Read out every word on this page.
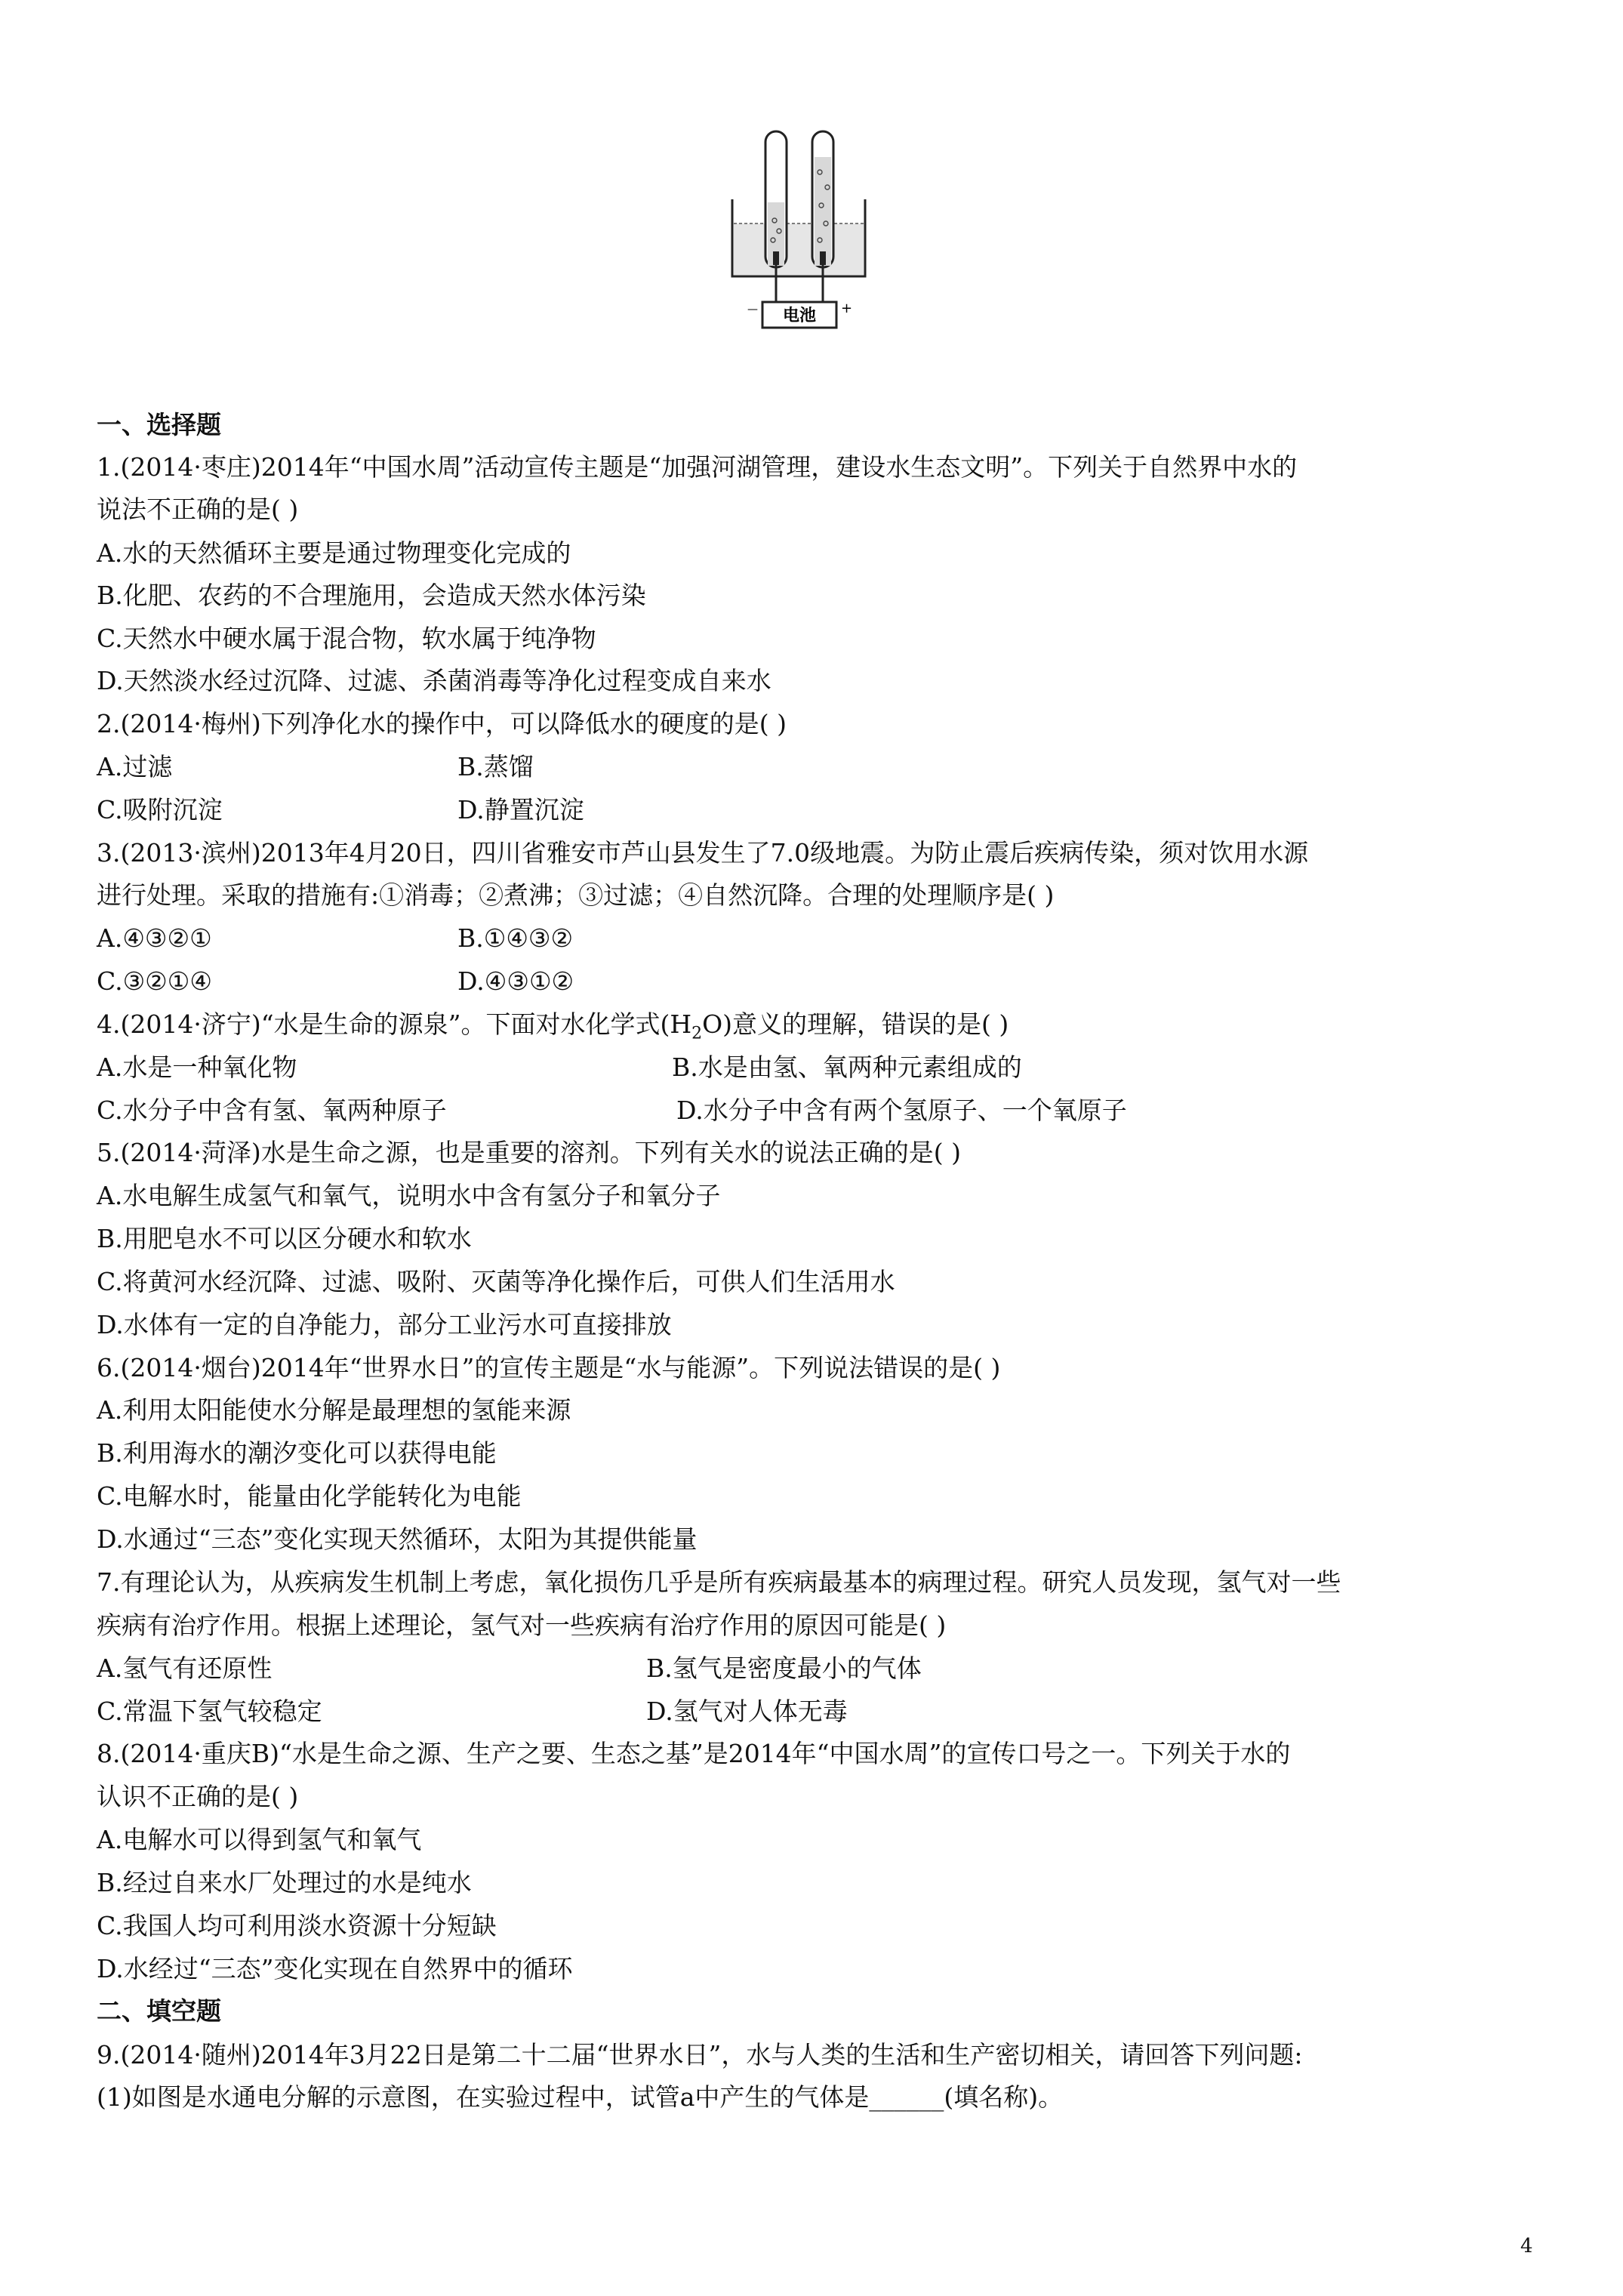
电池
—	+
一、选择题
1.(2014·枣庄)2014年“中国水周”活动宣传主题是“加强河湖管理，建设水生态文明”。下列关于自然界中水的
说法不正确的是( )
A.水的天然循环主要是通过物理变化完成的
B.化肥、农药的不合理施用，会造成天然水体污染
C.天然水中硬水属于混合物，软水属于纯净物
D.天然淡水经过沉降、过滤、杀菌消毒等净化过程变成自来水
2.(2014·梅州)下列净化水的操作中，可以降低水的硬度的是( )
A.过滤	B.蒸馏
C.吸附沉淀	D.静置沉淀
3.(2013·滨州)2013年4月20日，四川省雅安市芦山县发生了7.0级地震。为防止震后疾病传染，须对饮用水源
进行处理。采取的措施有:①消毒；②煮沸；③过滤；④自然沉降。合理的处理顺序是( )
A.④③②①	B.①④③②
C.③②①④	D.④③①②
4.(2014·济宁)“水是生命的源泉”。下面对水化学式$(H_2O)$意义的理解，错误的是( )
A.水是一种氧化物	B.水是由氢、氧两种元素组成的
C.水分子中含有氢、氧两种原子	D.水分子中含有两个氢原子、一个氧原子
5.(2014·菏泽)水是生命之源，也是重要的溶剂。下列有关水的说法正确的是( )
A.水电解生成氢气和氧气，说明水中含有氢分子和氧分子
B.用肥皂水不可以区分硬水和软水
C.将黄河水经沉降、过滤、吸附、灭菌等净化操作后，可供人们生活用水
D.水体有一定的自净能力，部分工业污水可直接排放
6.(2014·烟台)2014年“世界水日”的宣传主题是“水与能源”。下列说法错误的是( )
A.利用太阳能使水分解是最理想的氢能来源
B.利用海水的潮汐变化可以获得电能
C.电解水时，能量由化学能转化为电能
D.水通过“三态”变化实现天然循环，太阳为其提供能量
7.有理论认为，从疾病发生机制上考虑，氧化损伤几乎是所有疾病最基本的病理过程。研究人员发现，氢气对一些
疾病有治疗作用。根据上述理论，氢气对一些疾病有治疗作用的原因可能是( )
A.氢气有还原性	B.氢气是密度最小的气体
C.常温下氢气较稳定	D.氢气对人体无毒
8.(2014·重庆B)“水是生命之源、生产之要、生态之基”是2014年“中国水周”的宣传口号之一。下列关于水的
认识不正确的是( )
A.电解水可以得到氢气和氧气
B.经过自来水厂处理过的水是纯水
C.我国人均可利用淡水资源十分短缺
D.水经过“三态”变化实现在自然界中的循环
二、填空题
9.(2014·随州)2014年3月22日是第二十二届“世界水日”，水与人类的生活和生产密切相关，请回答下列问题:
(1)如图是水通电分解的示意图，在实验过程中，试管a中产生的气体是______(填名称)。
4
